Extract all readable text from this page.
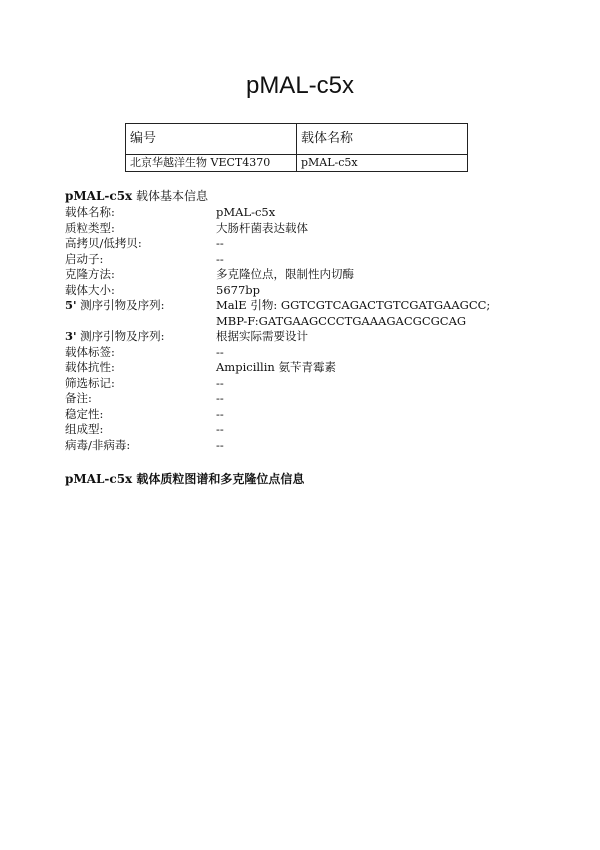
pMAL-c5x
编号	载体名称
北京华越洋生物 VECT4370	pMAL-c5x
pMAL-c5x 载体基本信息
载体名称:	pMAL-c5x
质粒类型:	大肠杆菌表达载体
高拷贝/低拷贝:	--
启动子:	--
克隆方法:	多克隆位点，限制性内切酶
载体大小:	5677bp
5' 测序引物及序列:	MalE 引物: GGTCGTCAGACTGTCGATGAAGCC;
MBP-F:GATGAAGCCCTGAAAGACGCGCAG
3' 测序引物及序列:	根据实际需要设计
载体标签:	--
载体抗性:	Ampicillin 氨苄青霉素
筛选标记:	--
备注:	--
稳定性:	--
组成型:	--
病毒/非病毒:	--
pMAL-c5x 载体质粒图谱和多克隆位点信息
